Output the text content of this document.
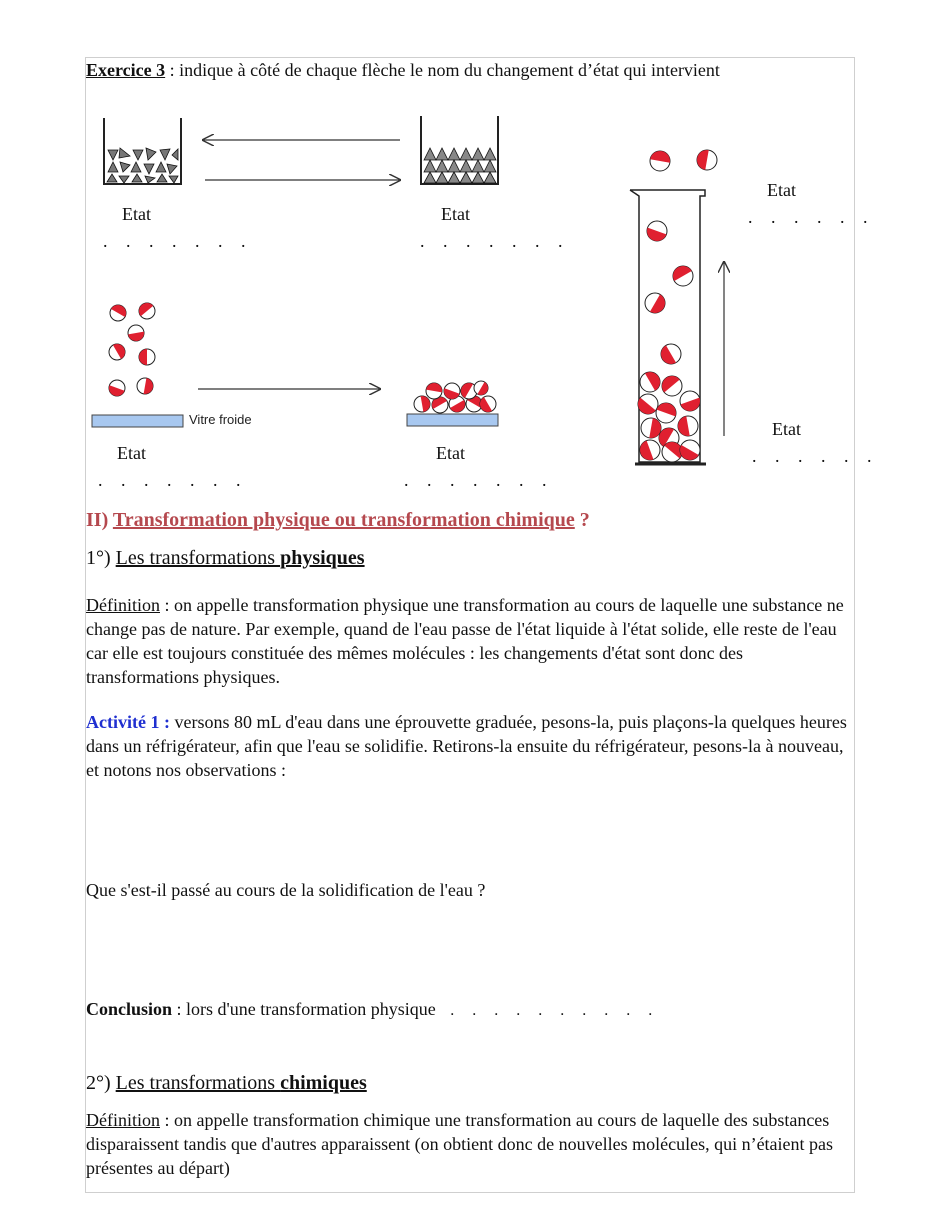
Exercice 3 : indique à côté de chaque flèche le nom du changement d’état qui intervient
Etat
. . . . . . .
Etat
. . . . . . .
Etat
. . . . . .
Vitre froide
Etat
. . . . . . .
Etat
. . . . . . .
Etat
. . . . . .
II) Transformation physique ou transformation chimique ?
1°) Les transformations physiques
Définition : on appelle transformation physique une transformation au cours de laquelle une substance ne change pas de nature. Par exemple, quand de l'eau passe de l'état liquide à l'état solide, elle reste de l'eau car elle est toujours constituée des mêmes molécules : les changements d'état sont donc des transformations physiques.
Activité 1 : versons 80 mL d'eau dans une éprouvette graduée, pesons-la, puis plaçons-la quelques heures dans un réfrigérateur, afin que l'eau se solidifie. Retirons-la ensuite du réfrigérateur, pesons-la à nouveau, et notons nos observations :
Que s'est-il passé au cours de la solidification de l'eau ?
Conclusion : lors d'une transformation physique . . . . . . . . . .
2°) Les transformations chimiques
Définition : on appelle transformation chimique une transformation au cours de laquelle des substances disparaissent tandis que d'autres apparaissent (on obtient donc de nouvelles molécules, qui n’étaient pas présentes au départ)
